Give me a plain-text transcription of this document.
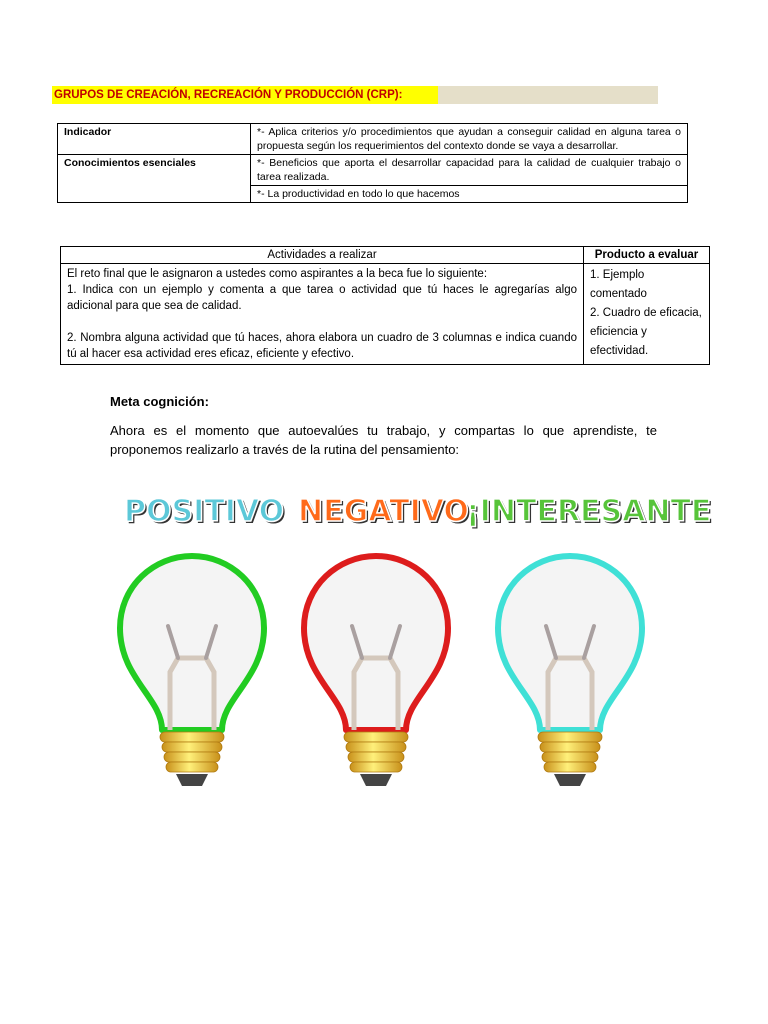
GRUPOS DE CREACIÓN, RECREACIÓN Y PRODUCCIÓN (CRP):
Indicador	*- Aplica criterios y/o procedimientos que ayudan a conseguir calidad en alguna tarea o propuesta según los requerimientos del contexto donde se vaya a desarrollar.
Conocimientos esenciales	*- Beneficios que aporta el desarrollar capacidad para la calidad de cualquier trabajo o tarea realizada.
	*- La productividad en todo lo que hacemos
Actividades a realizar	Producto a evaluar
El reto final que le asignaron a ustedes como aspirantes a la beca fue lo siguiente:
1. Indica con un ejemplo y comenta a que tarea o actividad que tú haces le agregarías algo adicional para que sea de calidad.
2. Nombra alguna actividad que tú haces, ahora elabora un cuadro de 3 columnas e indica cuando tú al hacer esa actividad eres eficaz, eficiente y efectivo.	1. Ejemplo comentado
2. Cuadro de eficacia, eficiencia y efectividad.
Meta cognición:
Ahora es el momento que autoevalúes tu trabajo, y compartas lo que aprendiste, te proponemos realizarlo a través de la rutina del pensamiento:
POSITIVO NEGATIVO
¡INTERESANTE
